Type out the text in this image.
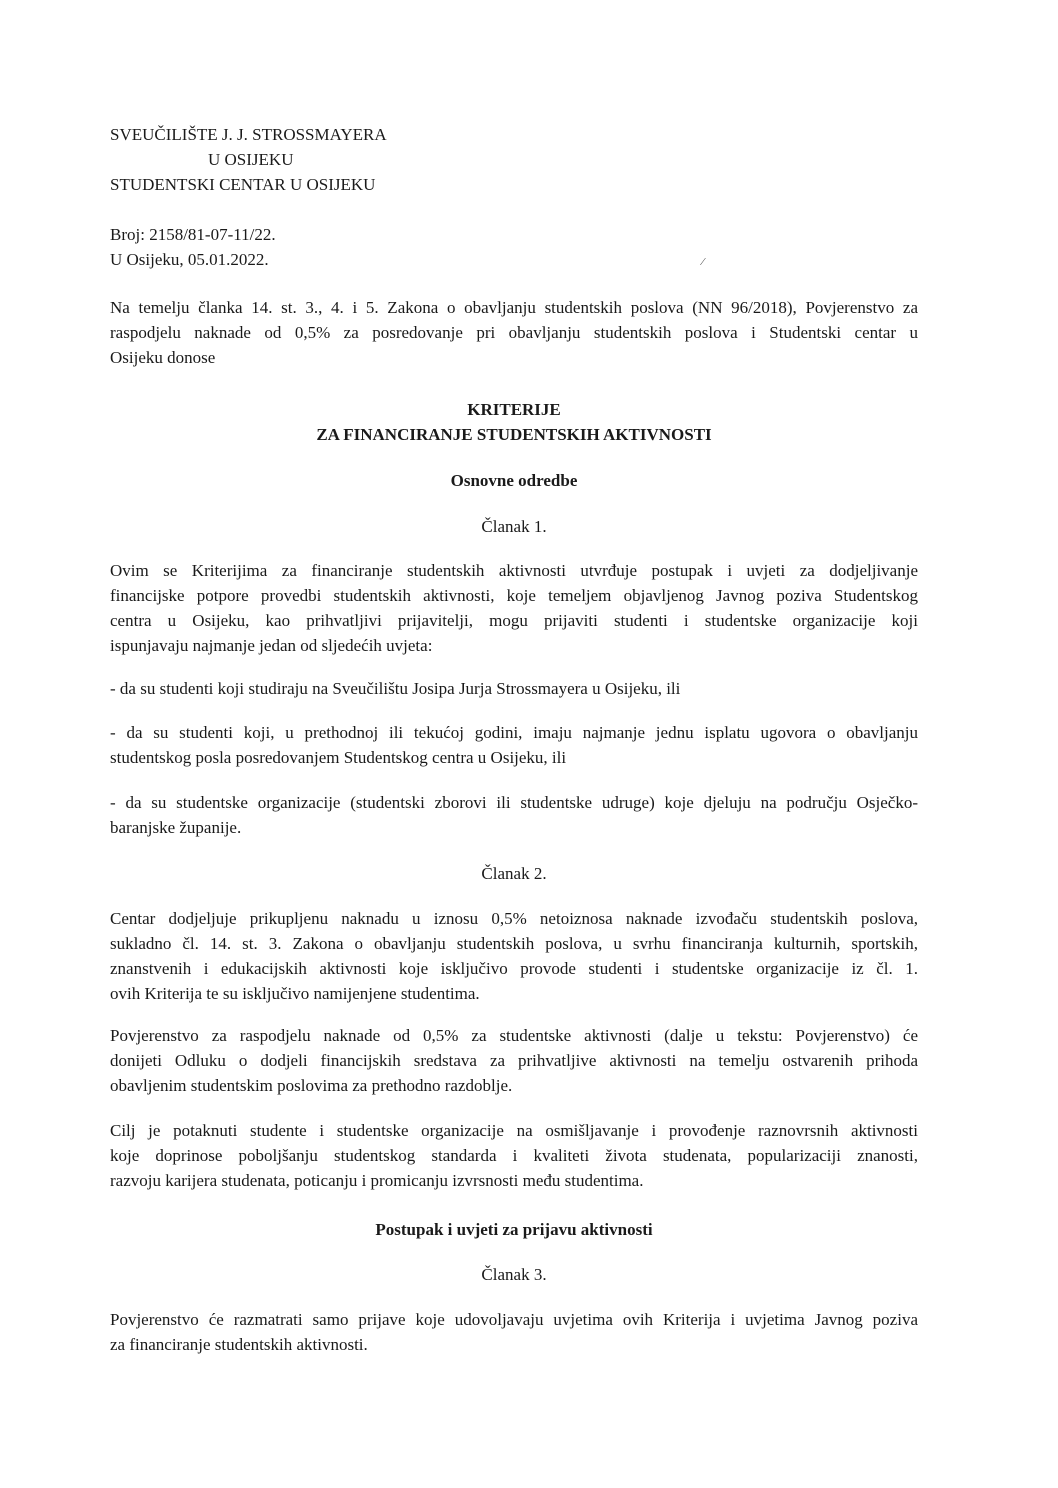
SVEUČILIŠTE J. J. STROSSMAYERA
U OSIJEKU
STUDENTSKI CENTAR U OSIJEKU
Broj: 2158/81-07-11/22.
U Osijeku, 05.01.2022.	⁄
Na temelju članka 14. st. 3., 4. i 5. Zakona o obavljanju studentskih poslova (NN 96/2018), Povjerenstvo za
raspodjelu naknade od 0,5% za posredovanje pri obavljanju studentskih poslova i Studentski centar u
Osijeku donose
KRITERIJE
ZA FINANCIRANJE STUDENTSKIH AKTIVNOSTI
Osnovne odredbe
Članak 1.
Ovim se Kriterijima za financiranje studentskih aktivnosti utvrđuje postupak i uvjeti za dodjeljivanje
financijske potpore provedbi studentskih aktivnosti, koje temeljem objavljenog Javnog poziva Studentskog
centra u Osijeku, kao prihvatljivi prijavitelji, mogu prijaviti studenti i studentske organizacije koji
ispunjavaju najmanje jedan od sljedećih uvjeta:
- da su studenti koji studiraju na Sveučilištu Josipa Jurja Strossmayera u Osijeku, ili
- da su studenti koji, u prethodnoj ili tekućoj godini, imaju najmanje jednu isplatu ugovora o obavljanju
studentskog posla posredovanjem Studentskog centra u Osijeku, ili
- da su studentske organizacije (studentski zborovi ili studentske udruge) koje djeluju na području Osječko-
baranjske županije.
Članak 2.
Centar dodjeljuje prikupljenu naknadu u iznosu 0,5% netoiznosa naknade izvođaču studentskih poslova,
sukladno čl. 14. st. 3. Zakona o obavljanju studentskih poslova, u svrhu financiranja kulturnih, sportskih,
znanstvenih i edukacijskih aktivnosti koje isključivo provode studenti i studentske organizacije iz čl. 1.
ovih Kriterija te su isključivo namijenjene studentima.
Povjerenstvo za raspodjelu naknade od 0,5% za studentske aktivnosti (dalje u tekstu: Povjerenstvo) će
donijeti Odluku o dodjeli financijskih sredstava za prihvatljive aktivnosti na temelju ostvarenih prihoda
obavljenim studentskim poslovima za prethodno razdoblje.
Cilj je potaknuti studente i studentske organizacije na osmišljavanje i provođenje raznovrsnih aktivnosti
koje doprinose poboljšanju studentskog standarda i kvaliteti života studenata, popularizaciji znanosti,
razvoju karijera studenata, poticanju i promicanju izvrsnosti među studentima.
Postupak i uvjeti za prijavu aktivnosti
Članak 3.
Povjerenstvo će razmatrati samo prijave koje udovoljavaju uvjetima ovih Kriterija i uvjetima Javnog poziva
za financiranje studentskih aktivnosti.
